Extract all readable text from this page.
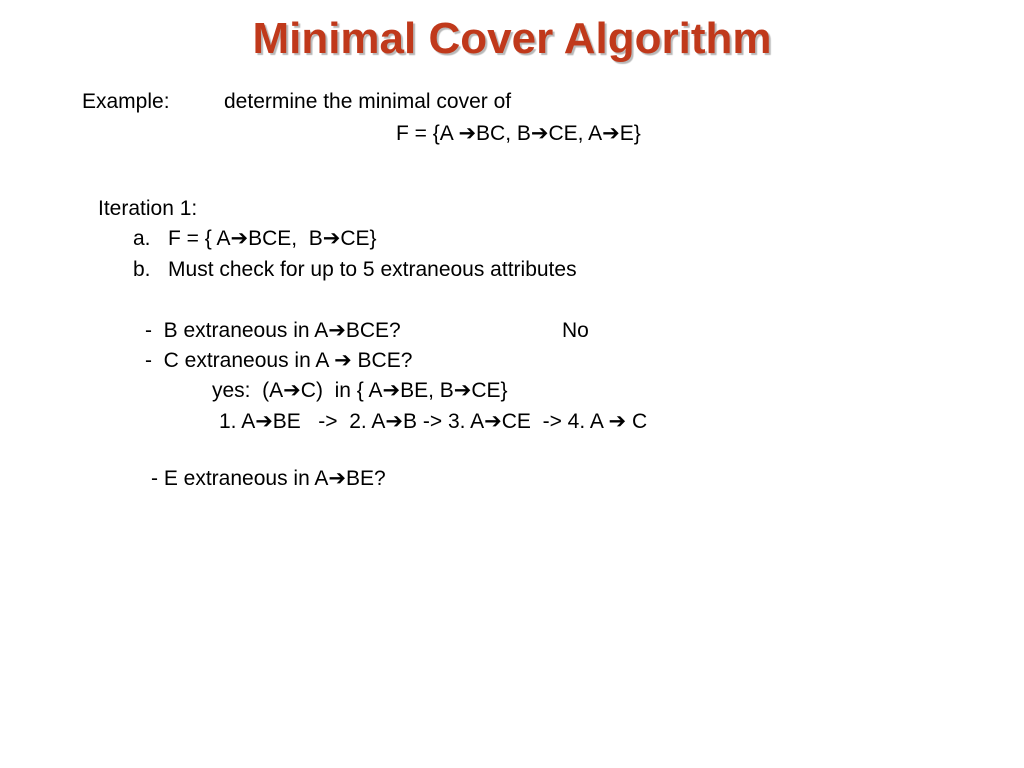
Minimal Cover Algorithm

Example:	determine the minimal cover of

F = {A ➔BC, B➔CE, A➔E}

Iteration 1:

a.   F = { A➔BCE,  B➔CE}

b.   Must check for up to 5 extraneous attributes

-  B extraneous in A➔BCE?	No

-  C extraneous in A ➔ BCE?

yes:  (A➔C)  in { A➔BE, B➔CE}

1. A➔BE   ->  2. A➔B -> 3. A➔CE  -> 4. A ➔ C

- E extraneous in A➔BE?
